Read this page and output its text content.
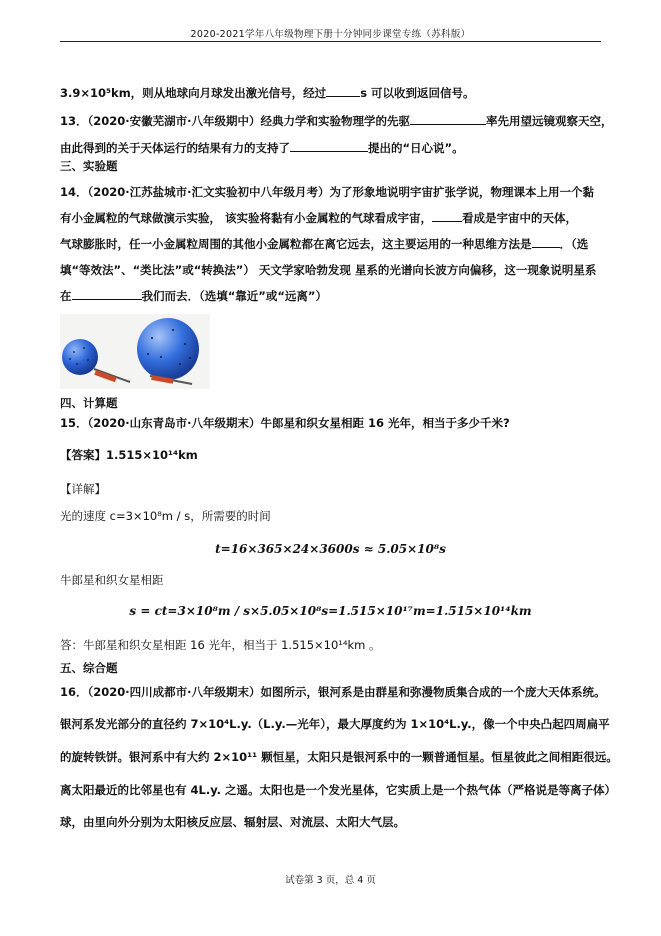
2020-2021学年八年级物理下册十分钟同步课堂专练（苏科版）
3.9×10⁵km，则从地球向月球发出激光信号，经过	s 可以收到返回信号。
13．（2020·安徽芜湖市·八年级期中）经典力学和实验物理学的先驱	率先用望远镜观察天空，
由此得到的关于天体运行的结果有力的支持了	提出的“日心说”。
三、实验题
14．（2020·江苏盐城市·汇文实验初中八年级月考）为了形象地说明宇宙扩张学说，物理课本上用一个黏
有小金属粒的气球做演示实验， 该实验将黏有小金属粒的气球看成宇宙，	看成是宇宙中的天体，
气球膨胀时，任一小金属粒周围的其他小金属粒都在离它远去，这主要运用的一种思维方法是 ．（选
填“等效法”、“类比法”或“转换法”） 天文学家哈勃发现 星系的光谱向长波方向偏移，这一现象说明星系
在	我们而去．（选填“靠近”或“远离”）
四、计算题
15．（2020·山东青岛市·八年级期末）牛郎星和织女星相距 16 光年，相当于多少千米?
【答案】1.515×10¹⁴km
【详解】
光的速度 c=3×10⁸m / s，所需要的时间
t=16×365×24×3600s ≈ 5.05×10⁸s
牛郎星和织女星相距
s = ct=3×10⁸m / s×5.05×10⁸s=1.515×10¹⁷m=1.515×10¹⁴km
答：牛郎星和织女星相距 16 光年，相当于 1.515×10¹⁴km 。
五、综合题
16．（2020·四川成都市·八年级期末）如图所示，银河系是由群星和弥漫物质集合成的一个庞大天体系统。
银河系发光部分的直径约 7×10⁴L.y.（L.y.—光年），最大厚度约为 1×10⁴L.y.，像一个中央凸起四周扁平
的旋转铁饼。银河系中有大约 2×10¹¹ 颗恒星，太阳只是银河系中的一颗普通恒星。恒星彼此之间相距很远。
离太阳最近的比邻星也有 4L.y. 之遥。太阳也是一个发光星体，它实质上是一个热气体（严格说是等离子体）
球，由里向外分别为太阳核反应层、辐射层、对流层、太阳大气层。
试卷第 3 页，总 4 页
